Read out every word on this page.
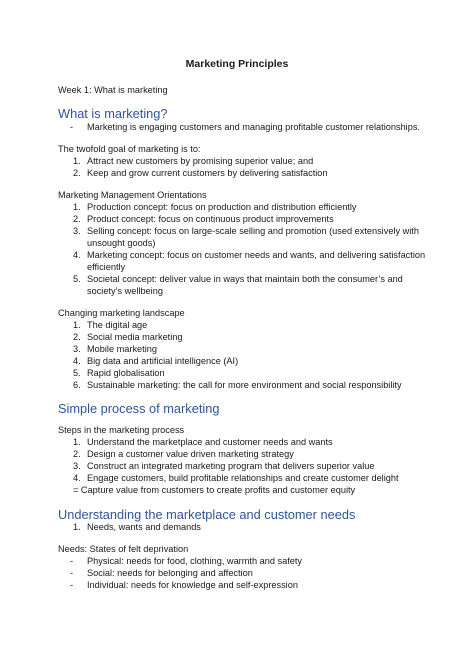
Marketing Principles
Week 1: What is marketing
What is marketing?
-	Marketing is engaging customers and managing profitable customer relationships.
The twofold goal of marketing is to:
1. Attract new customers by promising superior value; and
2. Keep and grow current customers by delivering satisfaction
Marketing Management Orientations
1. Production concept: focus on production and distribution efficiently
2. Product concept: focus on continuous product improvements
3. Selling concept: focus on large-scale selling and promotion (used extensively with
unsought goods)
4. Marketing concept: focus on customer needs and wants, and delivering satisfaction
efficiently
5. Societal concept: deliver value in ways that maintain both the consumer’s and
society’s wellbeing
Changing marketing landscape
1. The digital age
2. Social media marketing
3. Mobile marketing
4. Big data and artificial intelligence (AI)
5. Rapid globalisation
6. Sustainable marketing: the call for more environment and social responsibility
Simple process of marketing
Steps in the marketing process
1. Understand the marketplace and customer needs and wants
2. Design a customer value driven marketing strategy
3. Construct an integrated marketing program that delivers superior value
4. Engage customers, build profitable relationships and create customer delight
= Capture value from customers to create profits and customer equity
Understanding the marketplace and customer needs
1. Needs, wants and demands
Needs: States of felt deprivation
-	Physical: needs for food, clothing, warmth and safety
-	Social: needs for belonging and affection
-	Individual: needs for knowledge and self-expression
